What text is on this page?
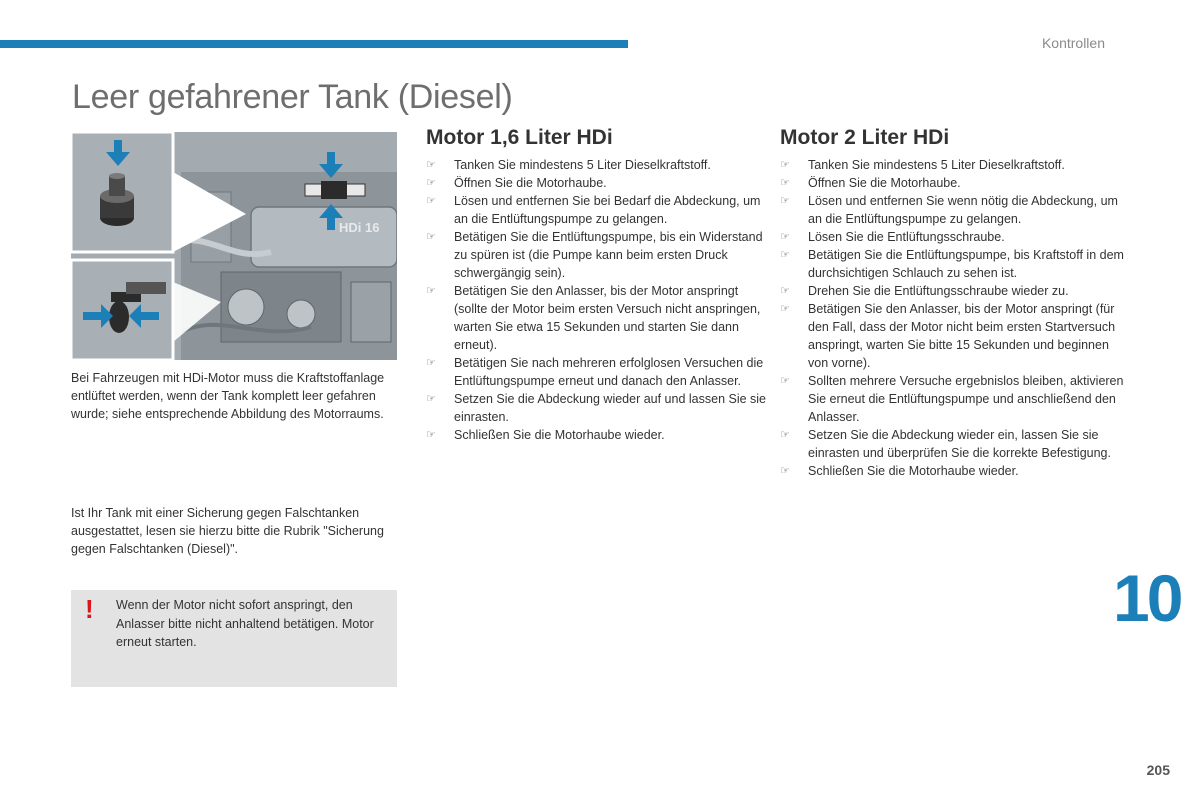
Kontrollen
Leer gefahrener Tank (Diesel)
HDi 16
Bei Fahrzeugen mit HDi-Motor muss die Kraftstoffanlage entlüftet werden, wenn der Tank komplett leer gefahren wurde; siehe entsprechende Abbildung des Motorraums.
Ist Ihr Tank mit einer Sicherung gegen Falschtanken ausgestattet, lesen sie hierzu bitte die Rubrik "Sicherung gegen Falschtanken (Diesel)".
! Wenn der Motor nicht sofort anspringt, den Anlasser bitte nicht anhaltend betätigen. Motor erneut starten.
Motor 1,6 Liter HDi
☞ Tanken Sie mindestens 5 Liter Dieselkraftstoff.
☞ Öffnen Sie die Motorhaube.
☞ Lösen und entfernen Sie bei Bedarf die Abdeckung, um an die Entlüftungspumpe zu gelangen.
☞ Betätigen Sie die Entlüftungspumpe, bis ein Widerstand zu spüren ist (die Pumpe kann beim ersten Druck schwergängig sein).
☞ Betätigen Sie den Anlasser, bis der Motor anspringt (sollte der Motor beim ersten Versuch nicht anspringen, warten Sie etwa 15 Sekunden und starten Sie dann erneut).
☞ Betätigen Sie nach mehreren erfolglosen Versuchen die Entlüftungspumpe erneut und danach den Anlasser.
☞ Setzen Sie die Abdeckung wieder auf und lassen Sie sie einrasten.
☞ Schließen Sie die Motorhaube wieder.
Motor 2 Liter HDi
☞ Tanken Sie mindestens 5 Liter Dieselkraftstoff.
☞ Öffnen Sie die Motorhaube.
☞ Lösen und entfernen Sie wenn nötig die Abdeckung, um an die Entlüftungspumpe zu gelangen.
☞ Lösen Sie die Entlüftungsschraube.
☞ Betätigen Sie die Entlüftungspumpe, bis Kraftstoff in dem durchsichtigen Schlauch zu sehen ist.
☞ Drehen Sie die Entlüftungsschraube wieder zu.
☞ Betätigen Sie den Anlasser, bis der Motor anspringt (für den Fall, dass der Motor nicht beim ersten Startversuch anspringt, warten Sie bitte 15 Sekunden und beginnen von vorne).
☞ Sollten mehrere Versuche ergebnislos bleiben, aktivieren Sie erneut die Entlüftungspumpe und anschließend den Anlasser.
☞ Setzen Sie die Abdeckung wieder ein, lassen Sie sie einrasten und überprüfen Sie die korrekte Befestigung.
☞ Schließen Sie die Motorhaube wieder.
10
205
